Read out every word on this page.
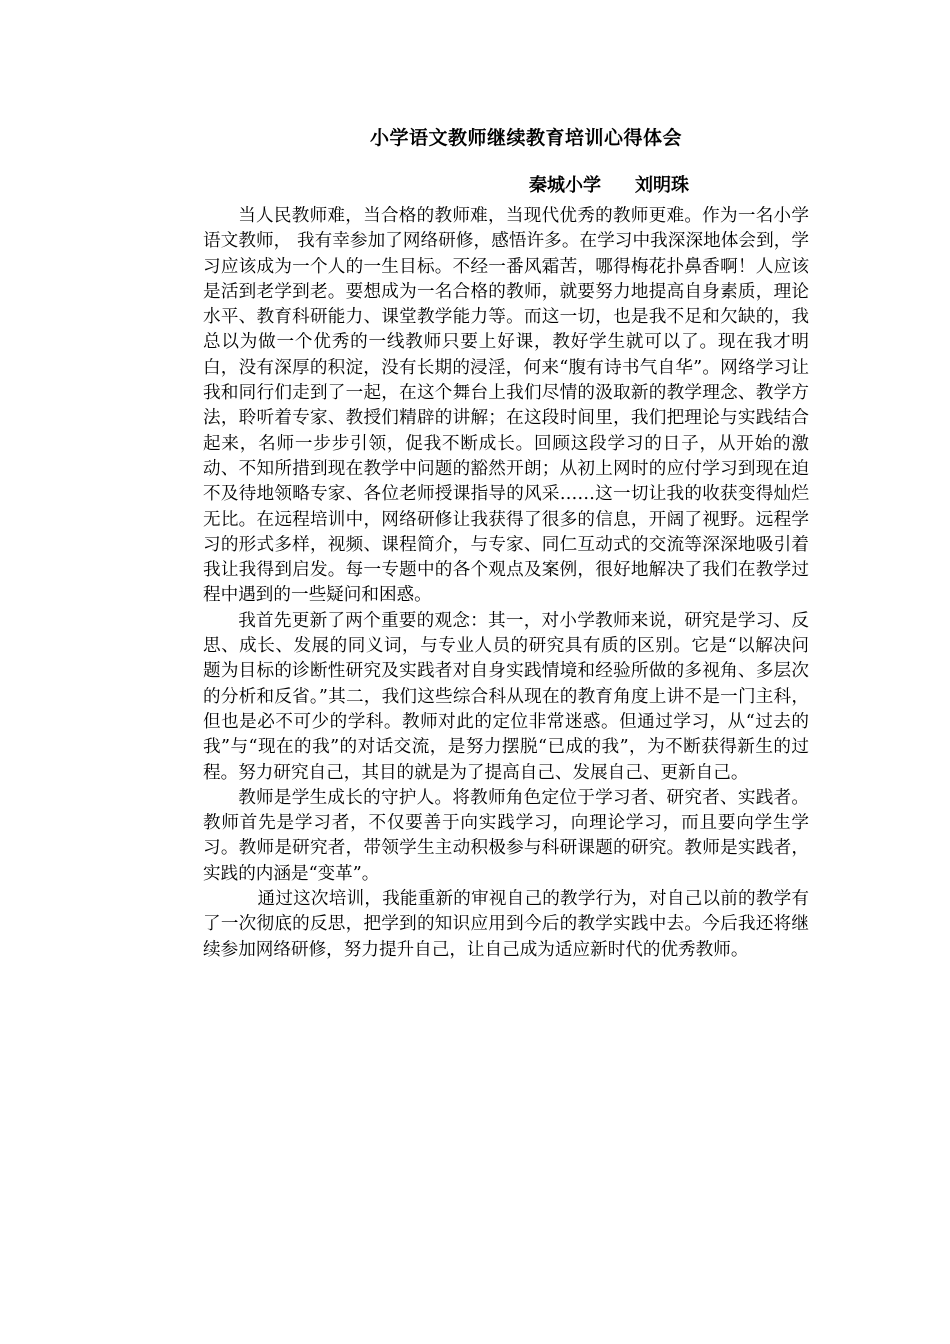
小学语文教师继续教育培训心得体会
秦城小学 刘明珠

当人民教师难，当合格的教师难，当现代优秀的教师更难。作为一名小学语文教师， 我有幸参加了网络研修，感悟许多。在学习中我深深地体会到，学习应该成为一个人的一生目标。不经一番风霜苦，哪得梅花扑鼻香啊！人应该是活到老学到老。要想成为一名合格的教师，就要努力地提高自身素质，理论水平、教育科研能力、课堂教学能力等。而这一切，也是我不足和欠缺的，我总以为做一个优秀的一线教师只要上好课，教好学生就可以了。现在我才明白，没有深厚的积淀，没有长期的浸淫，何来“腹有诗书气自华”。网络学习让我和同行们走到了一起，在这个舞台上我们尽情的汲取新的教学理念、教学方法，聆听着专家、教授们精辟的讲解；在这段时间里，我们把理论与实践结合起来，名师一步步引领，促我不断成长。回顾这段学习的日子，从开始的激动、不知所措到现在教学中问题的豁然开朗；从初上网时的应付学习到现在迫不及待地领略专家、各位老师授课指导的风采……这一切让我的收获变得灿烂无比。在远程培训中，网络研修让我获得了很多的信息，开阔了视野。远程学习的形式多样，视频、课程简介，与专家、同仁互动式的交流等深深地吸引着我让我得到启发。每一专题中的各个观点及案例，很好地解决了我们在教学过程中遇到的一些疑问和困惑。

我首先更新了两个重要的观念：其一，对小学教师来说，研究是学习、反思、成长、发展的同义词，与专业人员的研究具有质的区别。它是“以解决问题为目标的诊断性研究及实践者对自身实践情境和经验所做的多视角、多层次的分析和反省。”其二，我们这些综合科从现在的教育角度上讲不是一门主科，但也是必不可少的学科。教师对此的定位非常迷惑。但通过学习，从“过去的我”与“现在的我”的对话交流，是努力摆脱“已成的我”，为不断获得新生的过程。努力研究自己，其目的就是为了提高自己、发展自己、更新自己。

教师是学生成长的守护人。将教师角色定位于学习者、研究者、实践者。教师首先是学习者，不仅要善于向实践学习，向理论学习，而且要向学生学习。教师是研究者，带领学生主动积极参与科研课题的研究。教师是实践者， 实践的内涵是“变革”。

通过这次培训，我能重新的审视自己的教学行为，对自己以前的教学有了一次彻底的反思，把学到的知识应用到今后的教学实践中去。今后我还将继续参加网络研修，努力提升自己，让自己成为适应新时代的优秀教师。
